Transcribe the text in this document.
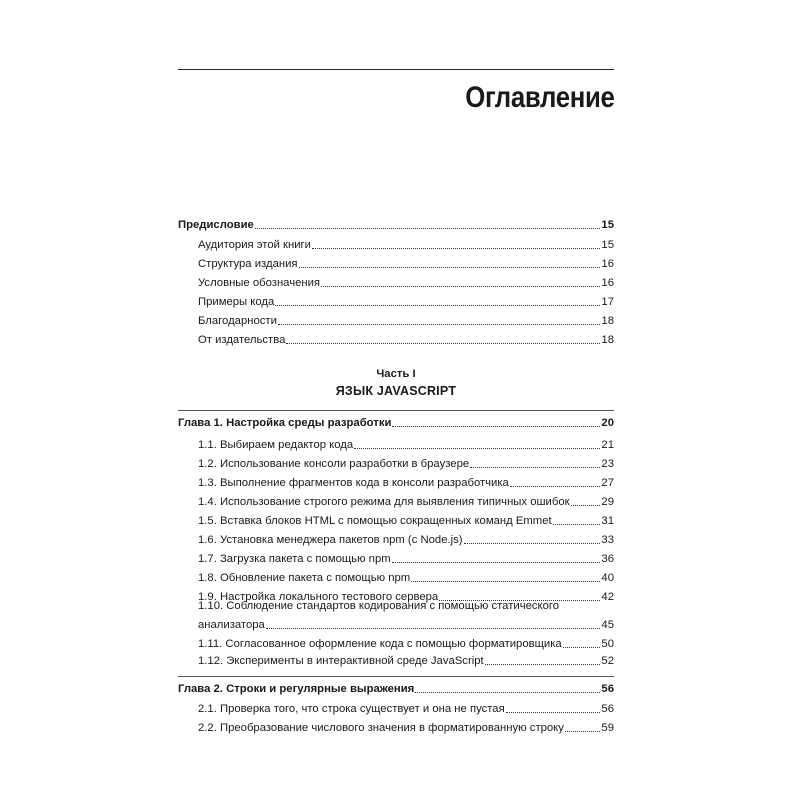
Оглавление
Предисловие	15
Аудитория этой книги	15
Структура издания	16
Условные обозначения	16
Примеры кода	17
Благодарности	18
От издательства	18
Часть I
ЯЗЫК JAVASCRIPT
Глава 1. Настройка среды разработки	20
1.1. Выбираем редактор кода	21
1.2. Использование консоли разработки в браузере	23
1.3. Выполнение фрагментов кода в консоли разработчика	27
1.4. Использование строгого режима для выявления типичных ошибок	29
1.5. Вставка блоков HTML с помощью сокращенных команд Emmet	31
1.6. Установка менеджера пакетов npm (с Node.js)	33
1.7. Загрузка пакета с помощью npm	36
1.8. Обновление пакета с помощью npm	40
1.9. Настройка локального тестового сервера	42
1.10. Соблюдение стандартов кодирования с помощью статического
анализатора	45
1.11. Согласованное оформление кода с помощью форматировщика	50
1.12. Эксперименты в интерактивной среде JavaScript	52
Глава 2. Строки и регулярные выражения	56
2.1. Проверка того, что строка существует и она не пустая	56
2.2. Преобразование числового значения в форматированную строку	59
